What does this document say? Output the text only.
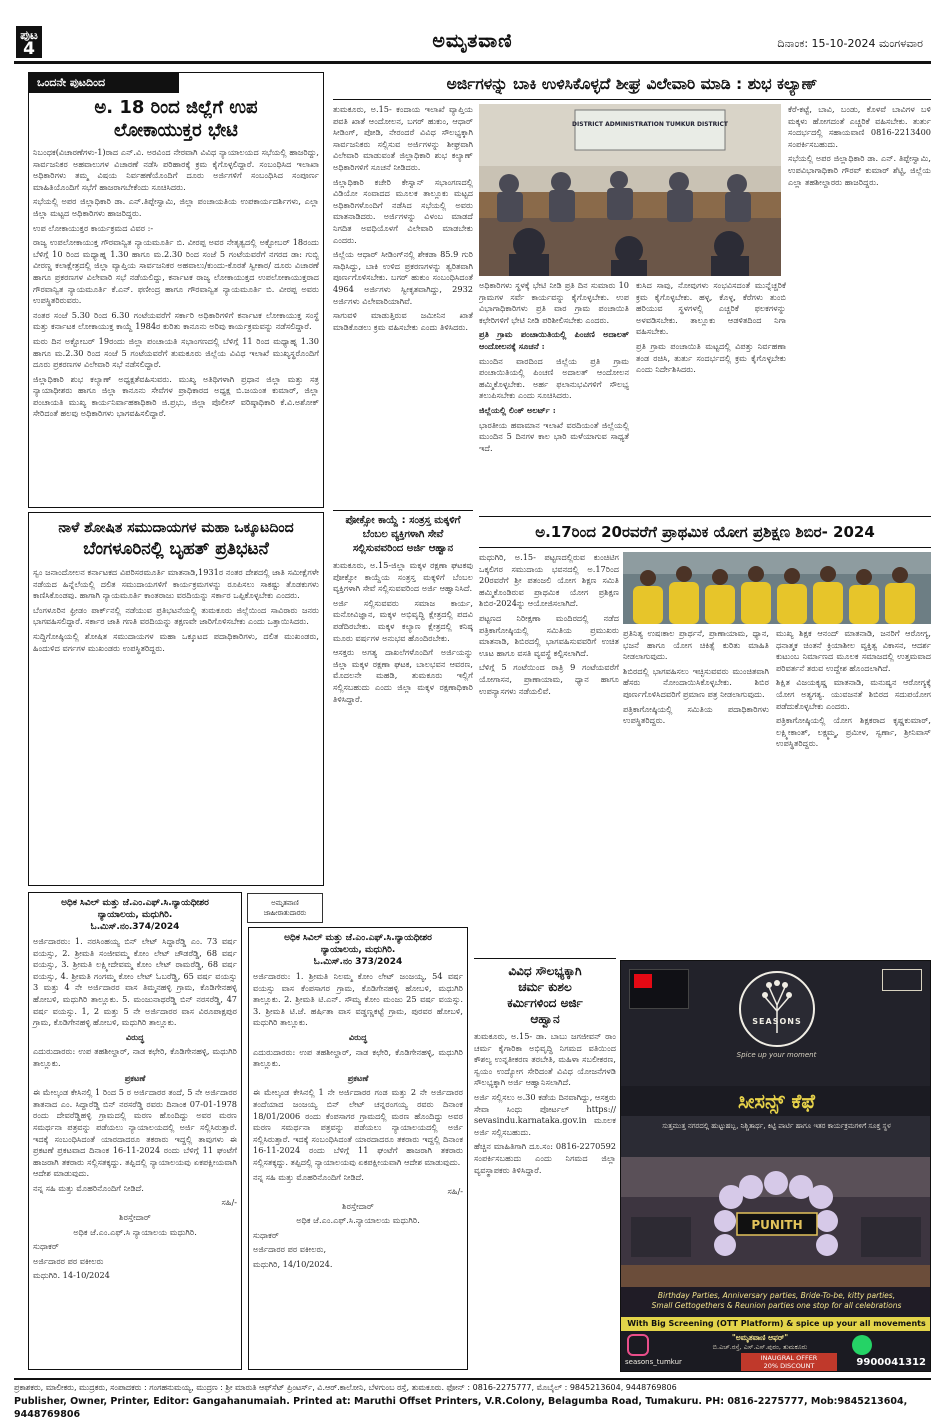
ಪುಟ
4	ಅಮೃತವಾಣಿ	ದಿನಾಂಕ: 15-10-2024 ಮಂಗಳವಾರ
ಒಂದನೇ ಪುಟದಿಂದ
ಅ. 18 ರಿಂದ ಜಿಲ್ಲೆಗೆ ಉಪ
ಲೋಕಾಯುಕ್ತರ ಭೇಟಿ

ನಿಬಂಧಕ(ವಿಚಾರಣೆಗಳು-1)ರಾದ ಎನ್.ವಿ. ಅರವಿಂದ ನೇರವಾಗಿ ವಿವಿಧ ನ್ಯಾಯಾಲಯದ ಸಭೆಯಲ್ಲಿ ಹಾಜರಿದ್ದು, ಸಾರ್ವಜನಿಕರ ಅಹವಾಲುಗಳ ವಿಚಾರಣೆ ನಡೆಸಿ ಪರಿಹಾರಕ್ಕೆ ಕ್ರಮ ಕೈಗೊಳ್ಳಲಿದ್ದಾರೆ. ಸಂಬಂಧಿಸಿದ ಇಲಾಖಾ ಅಧಿಕಾರಿಗಳು ತಮ್ಮ ವಿಷಯ ನಿರ್ವಹಣೆಯೊಂದಿಗೆ ದೂರು ಅರ್ಜಿಗಳಿಗೆ ಸಂಬಂಧಿಸಿದ ಸಂಪೂರ್ಣ ಮಾಹಿತಿಯೊಂದಿಗೆ ಸಭೆಗೆ ಹಾಜರಾಗಬೇಕೆಂದು ಸೂಚಿಸಿದರು.

ಸಭೆಯಲ್ಲಿ ಅಪರ ಜಿಲ್ಲಾಧಿಕಾರಿ ಡಾ. ಎನ್.ತಿಪ್ಪೇಸ್ವಾಮಿ, ಜಿಲ್ಲಾ ಪಂಚಾಯತಿಯ ಉಪಕಾರ್ಯದರ್ಶಿಗಳು, ಎಲ್ಲಾ ಜಿಲ್ಲಾ ಮಟ್ಟದ ಅಧಿಕಾರಿಗಳು ಹಾಜರಿದ್ದರು.

ಉಪ ಲೋಕಾಯುಕ್ತರ ಕಾರ್ಯಕ್ರಮದ ವಿವರ :-

ರಾಜ್ಯ ಉಪಲೋಕಾಯುಕ್ತ ಗೌರವಾನ್ವಿತ ನ್ಯಾಯಮೂರ್ತಿ ಬಿ. ವೀರಪ್ಪ ಅವರ ನೇತೃತ್ವದಲ್ಲಿ ಅಕ್ಟೋಬರ್ 18ರಂದು ಬೆಳಿಗ್ಗೆ 10 ರಿಂದ ಮಧ್ಯಾಹ್ನ 1.30 ಹಾಗೂ ಮ.2.30 ರಿಂದ ಸಂಜೆ 5 ಗಂಟೆಯವರೆಗೆ ನಗರದ ಡಾ: ಗುಬ್ಬಿ ವೀರಣ್ಣ ಕಲಾಕ್ಷೇತ್ರದಲ್ಲಿ ಜಿಲ್ಲಾ ವ್ಯಾಪ್ತಿಯ ಸಾರ್ವಜನಿಕರ ಅಹವಾಲು/ಕುಂದು-ಕೊರತೆ ಸ್ವೀಕಾರ/ ದೂರು ವಿಚಾರಣೆ ಹಾಗೂ ಪ್ರಕರಣಗಳ ವಿಲೇವಾರಿ ಸಭೆ ನಡೆಯಲಿದ್ದು, ಕರ್ನಾಟಕ ರಾಜ್ಯ ಲೋಕಾಯುಕ್ತದ ಉಪಲೋಕಾಯುಕ್ತರಾದ ಗೌರವಾನ್ವಿತ ನ್ಯಾಯಮೂರ್ತಿ ಕೆ.ಎನ್. ಫಣೀಂದ್ರ ಹಾಗೂ ಗೌರವಾನ್ವಿತ ನ್ಯಾಯಮೂರ್ತಿ ಬಿ. ವೀರಪ್ಪ ಅವರು ಉಪಸ್ಥಿತರಿರುವರು.

ನಂತರ ಸಂಜೆ 5.30 ರಿಂದ 6.30 ಗಂಟೆಯವರೆಗೆ ಸರ್ಕಾರಿ ಅಧಿಕಾರಿಗಳಿಗೆ ಕರ್ನಾಟಕ ಲೋಕಾಯುಕ್ತ ಸಂಸ್ಥೆ ಮತ್ತು ಕರ್ನಾಟಕ ಲೋಕಾಯುಕ್ತ ಕಾಯ್ದೆ 1984ರ ಕುರಿತು ಕಾನೂನು ಅರಿವು ಕಾರ್ಯಕ್ರಮವನ್ನು ನಡೆಸಲಿದ್ದಾರೆ.

ಮರು ದಿನ ಅಕ್ಟೋಬರ್ 19ರಂದು ಜಿಲ್ಲಾ ಪಂಚಾಯತಿ ಸಭಾಂಗಣದಲ್ಲಿ ಬೆಳಿಗ್ಗೆ 11 ರಿಂದ ಮಧ್ಯಾಹ್ನ 1.30 ಹಾಗೂ ಮ.2.30 ರಿಂದ ಸಂಜೆ 5 ಗಂಟೆಯವರೆಗೆ ತುಮಕೂರು ಜಿಲ್ಲೆಯ ವಿವಿಧ ಇಲಾಖೆ ಮುಖ್ಯಸ್ಥರೊಂದಿಗೆ ದೂರು ಪ್ರಕರಣಗಳ ವಿಲೇವಾರಿ ಸಭೆ ನಡೆಸಲಿದ್ದಾರೆ.

ಜಿಲ್ಲಾಧಿಕಾರಿ ಶುಭ ಕಲ್ಯಾಣ್ ಅಧ್ಯಕ್ಷತೆವಹಿಸುವರು. ಮುಖ್ಯ ಅತಿಥಿಗಳಾಗಿ ಪ್ರಧಾನ ಜಿಲ್ಲಾ ಮತ್ತು ಸತ್ರ ನ್ಯಾಯಾಧೀಶರು ಹಾಗೂ ಜಿಲ್ಲಾ ಕಾನೂನು ಸೇವೆಗಳ ಪ್ರಾಧಿಕಾರದ ಅಧ್ಯಕ್ಷ ಬಿ.ಜಯಂತ ಕುಮಾರ್, ಜಿಲ್ಲಾ ಪಂಚಾಯತಿ ಮುಖ್ಯ ಕಾರ್ಯನಿರ್ವಾಹಕಾಧಿಕಾರಿ ಜಿ.ಪ್ರಭು, ಜಿಲ್ಲಾ ಪೊಲೀಸ್ ವರಿಷ್ಠಾಧಿಕಾರಿ ಕೆ.ವಿ.ಅಶೋಕ್ ಸೇರಿದಂತೆ ಹಲವು ಅಧಿಕಾರಿಗಳು ಭಾಗವಹಿಸಲಿದ್ದಾರೆ.

ನಾಳೆ ಶೋಷಿತ ಸಮುದಾಯಗಳ ಮಹಾ ಒಕ್ಕೂಟದಿಂದ
ಬೆಂಗಳೂರಿನಲ್ಲಿ ಬೃಹತ್ ಪ್ರತಿಭಟನೆ

ಸ್ವಂ ಜನಾಂದೋಲನ ಕರ್ನಾಟಕದ ವಿಪರಿಸರಮೂರ್ತಿ ಮಾತನಾಡಿ,1931ರ ನಂತರ ದೇಶದಲ್ಲಿ ಜಾತಿ ಸಮೀಕ್ಷೆಗಳೇ ನಡೆಯದ ಹಿನ್ನೆಲೆಯಲ್ಲಿ ದಲಿತ ಸಮುದಾಯಗಳಿಗೆ ಕಾರ್ಯಕ್ರಮಗಳನ್ನು ರೂಪಿಸಲು ಸಾಕಷ್ಟು ತೊಡಕುಗಳು ಕಾಣಿಸಿಕೊಂಡವು. ಹಾಗಾಗಿ ನ್ಯಾಯಮೂರ್ತಿ ಕಾಂತರಾಜು ವರದಿಯನ್ನು ಸರ್ಕಾರ ಒಪ್ಪಿಕೊಳ್ಳಬೇಕು ಎಂದರು.

ಬೆಂಗಳೂರಿನ ಫ್ರೀಡಂ ಪಾರ್ಕ್‌ನಲ್ಲಿ ನಡೆಯುವ ಪ್ರತಿಭಟನೆಯಲ್ಲಿ ತುಮಕೂರು ಜಿಲ್ಲೆಯಿಂದ ಸಾವಿರಾರು ಜನರು ಭಾಗವಹಿಸಲಿದ್ದಾರೆ. ಸರ್ಕಾರ ಜಾತಿ ಗಣತಿ ವರದಿಯನ್ನು ತಕ್ಷಣವೇ ಜಾರಿಗೊಳಿಸಬೇಕು ಎಂದು ಒತ್ತಾಯಿಸಿದರು.

ಸುದ್ದಿಗೋಷ್ಠಿಯಲ್ಲಿ ಶೋಷಿತ ಸಮುದಾಯಗಳ ಮಹಾ ಒಕ್ಕೂಟದ ಪದಾಧಿಕಾರಿಗಳು, ದಲಿತ ಮುಖಂಡರು, ಹಿಂದುಳಿದ ವರ್ಗಗಳ ಮುಖಂಡರು ಉಪಸ್ಥಿತರಿದ್ದರು.

ಅಧಿಕ ಸಿವಿಲ್ ಮತ್ತು ಜೆ.ಎಂ.ಎಫ್.ಸಿ.ನ್ಯಾಯಧೀಶರ
ನ್ಯಾಯಾಲಯ, ಮಧುಗಿರಿ.
ಓ.ಮಿಸ್.ನಂ.374/2024

ಅರ್ಜಿದಾರರು: 1. ನರಸಿಂಹಯ್ಯ ಬಿನ್ ಲೇಟ್ ಸಿದ್ದಾರೆಡ್ಡಿ ಎಂ. 73 ವರ್ಷ ವಯಸ್ಸು, 2. ಶ್ರೀಮತಿ ಸಂಜೀವಮ್ಮ ಕೋಂ ಲೇಟ್ ಚೌಡರೆಡ್ಡಿ, 68 ವರ್ಷ ವಯಸ್ಸು, 3. ಶ್ರೀಮತಿ ಲಕ್ಷ್ಮೀದೇವಮ್ಮ ಕೋಂ ಲೇಟ್ ರಾಮರೆಡ್ಡಿ, 68 ವರ್ಷ ವಯಸ್ಸು, 4. ಶ್ರೀಮತಿ ಗಂಗಮ್ಮ ಕೋಂ ಲೇಟ್ ಓಬರೆಡ್ಡಿ, 65 ವರ್ಷ ವಯಸ್ಸು 3 ಮತ್ತು 4 ನೇ ಅರ್ಜಿದಾರರ ವಾಸ ತಿಮ್ಮನಹಳ್ಳಿ ಗ್ರಾಮ, ಕೊಡಿಗೇನಹಳ್ಳಿ ಹೋಬಳಿ, ಮಧುಗಿರಿ ತಾಲ್ಲೂಕು. 5. ಮಂಜುನಾಥರೆಡ್ಡಿ ಬಿನ್ ನರಸರೆಡ್ಡಿ, 47 ವರ್ಷ ವಯಸ್ಸು. 1, 2 ಮತ್ತು 5 ನೇ ಅರ್ಜಿದಾರರ ವಾಸ ವಿರೂಪಾಕ್ಷಪುರ ಗ್ರಾಮ, ಕೊಡಿಗೇನಹಳ್ಳಿ ಹೋಬಳಿ, ಮಧುಗಿರಿ ತಾಲ್ಲೂಕು.

ವಿರುದ್ಧ

ಎದುರುದಾರರು: ಉಪ ತಹಶೀಲ್ದಾರ್, ನಾಡ ಕಛೇರಿ, ಕೊಡಿಗೇನಹಳ್ಳಿ, ಮಧುಗಿರಿ ತಾಲ್ಲೂಕು.

ಪ್ರಕಟಣೆ

ಈ ಮೇಲ್ಕಂಡ ಕೇಸಿನಲ್ಲಿ 1 ರಿಂದ 5 ರ ಅರ್ಜಿದಾರರ ತಂದೆ, 5 ನೇ ಅರ್ಜಿದಾರರ ತಾತನಾದ ಎಂ. ಸಿದ್ದಾರೆಡ್ಡಿ ಬಿನ್ ನರಸರೆಡ್ಡಿ ರವರು ದಿನಾಂಕ 07-01-1978 ರಂದು ದೇವರೆಡ್ಡಿಹಳ್ಳಿ ಗ್ರಾಮದಲ್ಲಿ ಮರಣ ಹೊಂದಿದ್ದು ಅವರ ಮರಣ ಸಮರ್ಥನಾ ಪತ್ರವನ್ನು ಪಡೆಯಲು ನ್ಯಾಯಾಲಯದಲ್ಲಿ ಅರ್ಜಿ ಸಲ್ಲಿಸಿರುತ್ತಾರೆ. ಇದಕ್ಕೆ ಸಂಬಂಧಿಸಿದಂತೆ ಯಾರದಾದರೂ ತಕರಾರು ಇದ್ದಲ್ಲಿ ತಾವುಗಳು ಈ ಪ್ರಕಟಣೆ ಪ್ರಕಟವಾದ ದಿನಾಂಕ 16-11-2024 ರಂದು ಬೆಳಿಗ್ಗೆ 11 ಘಂಟೆಗೆ ಹಾಜರಾಗಿ ತಕರಾರು ಸಲ್ಲಿಸತಕ್ಕದ್ದು. ತಪ್ಪಿದಲ್ಲಿ ನ್ಯಾಯಾಲಯವು ಏಕಪಕ್ಷೀಯವಾಗಿ ಆದೇಶ ಮಾಡುವುದು.

ನನ್ನ ಸಹಿ ಮತ್ತು ಮೊಹರಿನೊಂದಿಗೆ ನೀಡಿದೆ.

ಸಹಿ/-

ಶಿರಸ್ತೇದಾರ್

ಅಧಿಕ ಜೆ.ಎಂ.ಎಫ್.ಸಿ ನ್ಯಾಯಾಲಯ ಮಧುಗಿರಿ.

ಸುಧಾಕರ್

ಅರ್ಜಿದಾರರ ಪರ ವಕೀಲರು

ಮಧುಗಿರಿ. 14-10/2024

ಅಮೃತವಾಣಿ
ಜಾಹೀರಾತುದಾರರು
ಅಧಿಕ ಸಿವಿಲ್ ಮತ್ತು ಜೆ.ಎಂ.ಎಫ್.ಸಿ.ನ್ಯಾಯಧೀಶರ
ನ್ಯಾಯಾಲಯ, ಮಧುಗಿರಿ.
ಓ.ಮಿಸ್.ನಂ 373/2024

ಅರ್ಜಿದಾರರು: 1. ಶ್ರೀಮತಿ ನಿಲಮ್ಮ ಕೋಂ ಲೇಟ್ ಜಂಜಯ್ಯ, 54 ವರ್ಷ ವಯಸ್ಸು ವಾಸ ಕೆಂಪಸಾಗರ ಗ್ರಾಮ, ಕೊಡಿಗೇನಹಳ್ಳಿ ಹೋಬಳಿ, ಮಧುಗಿರಿ ತಾಲ್ಲೂಕು. 2. ಶ್ರೀಮತಿ ಟಿ.ಎನ್. ಸೌಮ್ಯ ಕೋಂ ಮಂಜು 25 ವರ್ಷ ವಯಸ್ಸು. 3. ಶ್ರೀಮತಿ ಟಿ.ಜೆ. ಹರ್ಷಿತಾ ವಾಸ ವಡ್ಡಣ್ಣಕಟ್ಟೆ ಗ್ರಾಮ, ಪುರವರ ಹೋಬಳಿ, ಮಧುಗಿರಿ ತಾಲ್ಲೂಕು.

ವಿರುದ್ಧ

ಎದುರುದಾರರು: ಉಪ ತಹಶೀಲ್ದಾರ್, ನಾಡ ಕಛೇರಿ, ಕೊಡಿಗೇನಹಳ್ಳಿ, ಮಧುಗಿರಿ ತಾಲ್ಲೂಕು.

ಪ್ರಕಟಣೆ

ಈ ಮೇಲ್ಕಂಡ ಕೇಸಿನಲ್ಲಿ 1 ನೇ ಅರ್ಜಿದಾರರ ಗಂಡ ಮತ್ತು 2 ನೇ ಅರ್ಜಿದಾರರ ತಂದೆಯಾದ ಜಂಜಯ್ಯ ಬಿನ್ ಲೇಟ್ ಚನ್ನರಂಗಯ್ಯ ರವರು ದಿನಾಂಕ 18/01/2006 ರಂದು ಕೆಂಪಸಾಗರ ಗ್ರಾಮದಲ್ಲಿ ಮರಣ ಹೊಂದಿದ್ದು ಅವರ ಮರಣ ಸಮರ್ಥನಾ ಪತ್ರವನ್ನು ಪಡೆಯಲು ನ್ಯಾಯಾಲಯದಲ್ಲಿ ಅರ್ಜಿ ಸಲ್ಲಿಸಿರುತ್ತಾರೆ. ಇದಕ್ಕೆ ಸಂಬಂಧಿಸಿದಂತೆ ಯಾರದಾದರೂ ತಕರಾರು ಇದ್ದಲ್ಲಿ ದಿನಾಂಕ 16-11-2024 ರಂದು ಬೆಳಿಗ್ಗೆ 11 ಘಂಟೆಗೆ ಹಾಜರಾಗಿ ತಕರಾರು ಸಲ್ಲಿಸತಕ್ಕದ್ದು. ತಪ್ಪಿದಲ್ಲಿ ನ್ಯಾಯಾಲಯವು ಏಕಪಕ್ಷೀಯವಾಗಿ ಆದೇಶ ಮಾಡುವುದು.

ನನ್ನ ಸಹಿ ಮತ್ತು ಮೊಹರಿನೊಂದಿಗೆ ನೀಡಿದೆ.

ಸಹಿ/-

ಶಿರಸ್ತೇದಾರ್

ಅಧಿಕ ಜೆ.ಎಂ.ಎಫ್.ಸಿ.ನ್ಯಾಯಾಲಯ ಮಧುಗಿರಿ.

ಸುಧಾಕರ್

ಅರ್ಜಿದಾರರ ಪರ ವಕೀಲರು,

ಮಧುಗಿರಿ, 14/10/2024.

ಅರ್ಜಿಗಳನ್ನು ಬಾಕಿ ಉಳಿಸಿಕೊಳ್ಳದೆ ಶೀಘ್ರ ವಿಲೇವಾರಿ ಮಾಡಿ : ಶುಭ ಕಲ್ಯಾಣ್

ತುಮಕೂರು, ಅ.15- ಕಂದಾಯ ಇಲಾಖೆ ವ್ಯಾಪ್ತಿಯ ಪವತಿ ಖಾತೆ ಆಂದೋಲನ, ಬಗರ್ ಹುಕುಂ, ಆಧಾರ್ ಸೀಡಿಂಗ್, ಪೋಡಿ, ನೇರಂದರೆ ವಿವಿಧ ಸೌಲಭ್ಯಕ್ಕಾಗಿ ಸಾರ್ವಜನಿಕರು ಸಲ್ಲಿಸುವ ಅರ್ಜಿಗಳನ್ನು ಶೀಘ್ರವಾಗಿ ವಿಲೇವಾರಿ ಮಾಡುವಂತೆ ಜಿಲ್ಲಾಧಿಕಾರಿ ಶುಭ ಕಲ್ಯಾಣ್ ಅಧಿಕಾರಿಗಳಿಗೆ ಸೂಚನೆ ನೀಡಿದರು.

ಜಿಲ್ಲಾಧಿಕಾರಿ ಕಚೇರಿ ಕೇಸ್ವಾನ್ ಸಭಾಂಗಣದಲ್ಲಿ ವಿಡಿಯೋ ಸಂವಾದದ ಮೂಲಕ ತಾಲ್ಲೂಕು ಮಟ್ಟದ ಅಧಿಕಾರಿಗಳೊಂದಿಗೆ ನಡೆಸಿದ ಸಭೆಯಲ್ಲಿ ಅವರು ಮಾತನಾಡಿದರು. ಅರ್ಜಿಗಳನ್ನು ವಿಳಂಬ ಮಾಡದೆ ನಿಗದಿತ ಅವಧಿಯೊಳಗೆ ವಿಲೇವಾರಿ ಮಾಡಬೇಕು ಎಂದರು.

ಜಿಲ್ಲೆಯ ಆಧಾರ್ ಸೀಡಿಂಗ್‌ನಲ್ಲಿ ಶೇಕಡಾ 85.9 ಗುರಿ ಸಾಧಿಸಿದ್ದು, ಬಾಕಿ ಉಳಿದ ಪ್ರಕರಣಗಳನ್ನು ತ್ವರಿತವಾಗಿ ಪೂರ್ಣಗೊಳಿಸಬೇಕು. ಬಗರ್ ಹುಕುಂ ಸಂಬಂಧಿಸಿದಂತೆ 4964 ಅರ್ಜಿಗಳು ಸ್ವೀಕೃತವಾಗಿದ್ದು, 2932 ಅರ್ಜಿಗಳು ವಿಲೇವಾರಿಯಾಗಿವೆ.

ಸಾಗುವಳಿ ಮಾಡುತ್ತಿರುವ ಜಮೀನಿನ ಖಾತೆ ಮಾಡಿಕೊಡಲು ಕ್ರಮ ವಹಿಸಬೇಕು ಎಂದು ತಿಳಿಸಿದರು.

DISTRICT ADMINISTRATION TUMKUR DISTRICT

ಅಧಿಕಾರಿಗಳು ಸ್ಥಳಕ್ಕೆ ಭೇಟಿ ನೀಡಿ ಪ್ರತಿ ದಿನ ಸುಮಾರು 10 ಗ್ರಾಮಗಳ ಸರ್ವೆ ಕಾರ್ಯವನ್ನು ಕೈಗೊಳ್ಳಬೇಕು. ಉಪ ವಿಭಾಗಾಧಿಕಾರಿಗಳು ಪ್ರತಿ ವಾರ ಗ್ರಾಮ ಪಂಚಾಯಿತಿ ಕಛೇರಿಗಳಿಗೆ ಭೇಟಿ ನೀಡಿ ಪರಿಶೀಲಿಸಬೇಕು ಎಂದರು.

ಪ್ರತಿ ಗ್ರಾಮ ಪಂಚಾಯಿತಿಯಲ್ಲಿ ಪಿಂಚಣಿ ಅದಾಲತ್ ಆಂದೋಲನಕ್ಕೆ ಸೂಚನೆ :

ಮುಂದಿನ ವಾರದಿಂದ ಜಿಲ್ಲೆಯ ಪ್ರತಿ ಗ್ರಾಮ ಪಂಚಾಯಿತಿಯಲ್ಲಿ ಪಿಂಚಣಿ ಅದಾಲತ್ ಆಂದೋಲನ ಹಮ್ಮಿಕೊಳ್ಳಬೇಕು. ಅರ್ಹ ಫಲಾನುಭವಿಗಳಿಗೆ ಸೌಲಭ್ಯ ತಲುಪಿಸಬೇಕು ಎಂದು ಸೂಚಿಸಿದರು.

ಜಿಲ್ಲೆಯಲ್ಲಿ ಲಿಂಕ್ ಅಲರ್ಟ್ :

ಭಾರತೀಯ ಹವಾಮಾನ ಇಲಾಖೆ ವರದಿಯಂತೆ ಜಿಲ್ಲೆಯಲ್ಲಿ ಮುಂದಿನ 5 ದಿನಗಳ ಕಾಲ ಭಾರಿ ಮಳೆಯಾಗುವ ಸಾಧ್ಯತೆ ಇದೆ.

ಕುಸಿದ ಸಾವು, ನೋವುಗಳು ಸಂಭವಿಸದಂತೆ ಮುನ್ನೆಚ್ಚರಿಕೆ ಕ್ರಮ ಕೈಗೊಳ್ಳಬೇಕು. ಹಳ್ಳ, ಕೊಳ್ಳ, ಕೆರೆಗಳು ತುಂಬಿ ಹರಿಯುವ ಸ್ಥಳಗಳಲ್ಲಿ ಎಚ್ಚರಿಕೆ ಫಲಕಗಳನ್ನು ಅಳವಡಿಸಬೇಕು. ತಾಲ್ಲೂಕು ಆಡಳಿತದಿಂದ ನಿಗಾ ವಹಿಸಬೇಕು.

ಪ್ರತಿ ಗ್ರಾಮ ಪಂಚಾಯಿತಿ ಮಟ್ಟದಲ್ಲಿ ವಿಪತ್ತು ನಿರ್ವಹಣಾ ತಂಡ ರಚಿಸಿ, ತುರ್ತು ಸಂದರ್ಭದಲ್ಲಿ ಕ್ರಮ ಕೈಗೊಳ್ಳಬೇಕು ಎಂದು ನಿರ್ದೇಶಿಸಿದರು.

ಕೆರೆ-ಕಟ್ಟೆ, ಬಾವಿ, ಬಂಡು, ಕೊಳವೆ ಬಾವಿಗಳ ಬಳಿ ಮಕ್ಕಳು ಹೋಗದಂತೆ ಎಚ್ಚರಿಕೆ ವಹಿಸಬೇಕು. ತುರ್ತು ಸಂದರ್ಭದಲ್ಲಿ ಸಹಾಯವಾಣಿ 0816-2213400 ಸಂಪರ್ಕಿಸಬಹುದು.

ಸಭೆಯಲ್ಲಿ ಅಪರ ಜಿಲ್ಲಾಧಿಕಾರಿ ಡಾ. ಎನ್. ತಿಪ್ಪೇಸ್ವಾಮಿ, ಉಪವಿಭಾಗಾಧಿಕಾರಿ ಗೌರವ್ ಕುಮಾರ್ ಶೆಟ್ಟಿ, ಜಿಲ್ಲೆಯ ಎಲ್ಲಾ ತಹಶೀಲ್ದಾರರು ಹಾಜರಿದ್ದರು.

ಪೋಕ್ಸೋ ಕಾಯ್ದೆ : ಸಂತ್ರಸ್ತ ಮಕ್ಕಳಿಗೆ
ಬೆಂಬಲ ವ್ಯಕ್ತಿಗಳಾಗಿ ಸೇವೆ
ಸಲ್ಲಿಸುವವರಿಂದ ಅರ್ಜಿ ಆಹ್ವಾನ

ತುಮಕೂರು, ಅ.15-ಜಿಲ್ಲಾ ಮಕ್ಕಳ ರಕ್ಷಣಾ ಘಟಕವು ಪೋಕ್ಸೋ ಕಾಯ್ದೆಯ ಸಂತ್ರಸ್ತ ಮಕ್ಕಳಿಗೆ ಬೆಂಬಲ ವ್ಯಕ್ತಿಗಳಾಗಿ ಸೇವೆ ಸಲ್ಲಿಸುವವರಿಂದ ಅರ್ಜಿ ಆಹ್ವಾನಿಸಿದೆ.

ಅರ್ಜಿ ಸಲ್ಲಿಸುವವರು ಸಮಾಜ ಕಾರ್ಯ, ಮನೋವಿಜ್ಞಾನ, ಮಕ್ಕಳ ಅಭಿವೃದ್ಧಿ ಕ್ಷೇತ್ರದಲ್ಲಿ ಪದವಿ ಪಡೆದಿರಬೇಕು. ಮಕ್ಕಳ ಕಲ್ಯಾಣ ಕ್ಷೇತ್ರದಲ್ಲಿ ಕನಿಷ್ಠ ಮೂರು ವರ್ಷಗಳ ಅನುಭವ ಹೊಂದಿರಬೇಕು.

ಆಸಕ್ತರು ಅಗತ್ಯ ದಾಖಲೆಗಳೊಂದಿಗೆ ಅರ್ಜಿಯನ್ನು ಜಿಲ್ಲಾ ಮಕ್ಕಳ ರಕ್ಷಣಾ ಘಟಕ, ಬಾಲಭವನ ಆವರಣ, ಮೊದಲನೇ ಮಹಡಿ, ತುಮಕೂರು ಇಲ್ಲಿಗೆ ಸಲ್ಲಿಸಬಹುದು ಎಂದು ಜಿಲ್ಲಾ ಮಕ್ಕಳ ರಕ್ಷಣಾಧಿಕಾರಿ ತಿಳಿಸಿದ್ದಾರೆ.

ಅ.17ರಿಂದ 20ರವರೆಗೆ ಪ್ರಾಥಮಿಕ ಯೋಗ ಪ್ರಶಿಕ್ಷಣ ಶಿಬಿರ- 2024

ಮಧುಗಿರಿ, ಅ.15- ಪಟ್ಟಣದಲ್ಲಿರುವ ಕುಂಚಿಟಿಗ ಒಕ್ಕಲಿಗರ ಸಮುದಾಯ ಭವನದಲ್ಲಿ ಅ.17ರಿಂದ 20ರವರೆಗೆ ಶ್ರೀ ಪತಂಜಲಿ ಯೋಗ ಶಿಕ್ಷಣ ಸಮಿತಿ ಹಮ್ಮಿಕೊಂಡಿರುವ ಪ್ರಾಥಮಿಕ ಯೋಗ ಪ್ರಶಿಕ್ಷಣ ಶಿಬಿರ-2024ನ್ನು ಆಯೋಜಿಸಲಾಗಿದೆ.

ಪಟ್ಟಣದ ನಿರೀಕ್ಷಣಾ ಮಂದಿರದಲ್ಲಿ ನಡೆದ ಪತ್ರಿಕಾಗೋಷ್ಠಿಯಲ್ಲಿ ಸಮಿತಿಯ ಪ್ರಮುಖರು ಮಾತನಾಡಿ, ಶಿಬಿರದಲ್ಲಿ ಭಾಗವಹಿಸುವವರಿಗೆ ಉಚಿತ ಊಟ ಹಾಗೂ ವಸತಿ ವ್ಯವಸ್ಥೆ ಕಲ್ಪಿಸಲಾಗಿದೆ.

ಬೆಳಿಗ್ಗೆ 5 ಗಂಟೆಯಿಂದ ರಾತ್ರಿ 9 ಗಂಟೆಯವರೆಗೆ ಯೋಗಾಸನ, ಪ್ರಾಣಾಯಾಮ, ಧ್ಯಾನ ಹಾಗೂ ಉಪನ್ಯಾಸಗಳು ನಡೆಯಲಿವೆ.

ಪ್ರತಿನಿತ್ಯ ಉಷಃಕಾಲ ಪ್ರಾರ್ಥನೆ, ಪ್ರಾಣಾಯಾಮ, ಧ್ಯಾನ, ಭಜನೆ ಹಾಗೂ ಯೋಗ ಚಿಕಿತ್ಸೆ ಕುರಿತು ಮಾಹಿತಿ ನೀಡಲಾಗುವುದು.

ಶಿಬಿರದಲ್ಲಿ ಭಾಗವಹಿಸಲು ಇಚ್ಛಿಸುವವರು ಮುಂಚಿತವಾಗಿ ಹೆಸರು ನೋಂದಾಯಿಸಿಕೊಳ್ಳಬೇಕು. ಶಿಬಿರ ಪೂರ್ಣಗೊಳಿಸಿದವರಿಗೆ ಪ್ರಮಾಣ ಪತ್ರ ನೀಡಲಾಗುವುದು.

ಪತ್ರಿಕಾಗೋಷ್ಠಿಯಲ್ಲಿ ಸಮಿತಿಯ ಪದಾಧಿಕಾರಿಗಳು ಉಪಸ್ಥಿತರಿದ್ದರು.

ಮುಖ್ಯ ಶಿಕ್ಷಕ ಆನಂದ್ ಮಾತನಾಡಿ, ಜನರಿಗೆ ಆರೋಗ್ಯ, ಧನಾತ್ಮಕ ಚಿಂತನೆ ಕ್ರಿಯಾಶೀಲ ವ್ಯಕ್ತಿತ್ವ ವಿಕಾಸನ, ಆದರ್ಶ ಕುಟುಂಬ ನಿರ್ಮಾಣದ ಮೂಲಕ ಸಮಾಜದಲ್ಲಿ ಉತ್ತಮವಾದ ಪರಿವರ್ತನೆ ತರುವ ಉದ್ದೇಶ ಹೊಂದಲಾಗಿದೆ.

ಶಿಕ್ಷಿತ ವಿಜಯಕೃಷ್ಣ ಮಾತನಾಡಿ, ಮನುಷ್ಯನ ಆರೋಗ್ಯಕ್ಕೆ ಯೋಗ ಅತ್ಯಗತ್ಯ. ಯುವಜನತೆ ಶಿಬಿರದ ಸದುಪಯೋಗ ಪಡೆದುಕೊಳ್ಳಬೇಕು ಎಂದರು.

ಪತ್ರಿಕಾಗೋಷ್ಠಿಯಲ್ಲಿ ಯೋಗ ಶಿಕ್ಷಕರಾದ ಕೃಷ್ಣಕುಮಾರ್, ಲಕ್ಷ್ಮೀಕಾಂತ್, ಲಕ್ಷ್ಮಮ್ಮ, ಪ್ರಮೀಳ, ಸ್ವರ್ಣಾ, ಶ್ರೀನಿವಾಸ್ ಉಪಸ್ಥಿತರಿದ್ದರು.

ವಿವಿಧ ಸೌಲಭ್ಯಕ್ಕಾಗಿ
ಚರ್ಮ ಕುಶಲ
ಕರ್ಮಿಗಳಿಂದ ಅರ್ಜಿ
ಆಹ್ವಾನ

ತುಮಕೂರು, ಅ.15- ಡಾ. ಬಾಬು ಜಗಜೀವನ್ ರಾಂ ಚರ್ಮ ಕೈಗಾರಿಕಾ ಅಭಿವೃದ್ಧಿ ನಿಗಮದ ವತಿಯಿಂದ ಕೌಶಲ್ಯ ಉನ್ನತೀಕರಣ ತರಬೇತಿ, ಮಹಿಳಾ ಸಬಲೀಕರಣ, ಸ್ವಯಂ ಉದ್ಯೋಗ ಸೇರಿದಂತೆ ವಿವಿಧ ಯೋಜನೆಗಳಡಿ ಸೌಲಭ್ಯಕ್ಕಾಗಿ ಅರ್ಜಿ ಆಹ್ವಾನಿಸಲಾಗಿದೆ.

ಅರ್ಜಿ ಸಲ್ಲಿಸಲು ಅ.30 ಕಡೆಯ ದಿನವಾಗಿದ್ದು, ಆಸಕ್ತರು ಸೇವಾ ಸಿಂಧು ಪೋರ್ಟಲ್ https:// sevasindu.karnataka.gov.in ಮೂಲಕ ಅರ್ಜಿ ಸಲ್ಲಿಸಬಹುದು.

ಹೆಚ್ಚಿನ ಮಾಹಿತಿಗಾಗಿ ದೂ.ಸಂ: 0816-2270592 ಸಂಪರ್ಕಿಸಬಹುದು ಎಂದು ನಿಗಮದ ಜಿಲ್ಲಾ ವ್ಯವಸ್ಥಾಪಕರು ತಿಳಿಸಿದ್ದಾರೆ.

SEASONS
Spice up your moment
ಸೀಸನ್ಸ್ ಕೆಫೆ
ಸುತ್ತಮುತ್ತ ನಗರದಲ್ಲಿ ಹುಟ್ಟುಹಬ್ಬ, ನಿಶ್ಚಿತಾರ್ಥ, ಕಿಟ್ಟಿ ಪಾರ್ಟಿ ಹಾಗೂ ಇತರ ಕಾರ್ಯಕ್ರಮಗಳಿಗೆ ಸೂಕ್ತ ಸ್ಥಳ
PUNITH
Birthday Parties, Anniversary parties, Bride-To-be, kitty parties,
Small Gettogethers & Reunion parties one stop for all celebrations
With Big Screening (OTT Platform) & spice up your all movements
seasons_tumkur
"ಅಮೃತವಾಣಿ ಆಫರ್"
ಬಿ.ಎಚ್.ರಸ್ತೆ, ಎಸ್.ಎಸ್.ಪುರಂ, ತುಮಕೂರು
INAUGRAL OFFER
20% DISCOUNT	9900041312
ಪ್ರಕಾಶಕರು, ಮಾಲೀಕರು, ಮುದ್ರಕರು, ಸಂಪಾದಕರು : ಗಂಗಹನುಮಯ್ಯ, ಮುದ್ರಣ : ಶ್ರೀ ಮಾರುತಿ ಆಫ್‌ಸೆಟ್ ಪ್ರಿಂಟರ್ಸ್, ವಿ.ಆರ್.ಕಾಲೋನಿ, ಬೆಳಗುಂಬ ರಸ್ತೆ, ತುಮಕೂರು. ಫೋನ್ : 0816-2275777, ಮೊಬೈಲ್ : 9845213604, 9448769806
Publisher, Owner, Printer, Editor: Gangahanumaiah. Printed at: Maruthi Offset Printers, V.R.Colony, Belagumba Road, Tumakuru. PH: 0816-2275777, Mob:9845213604, 9448769806
